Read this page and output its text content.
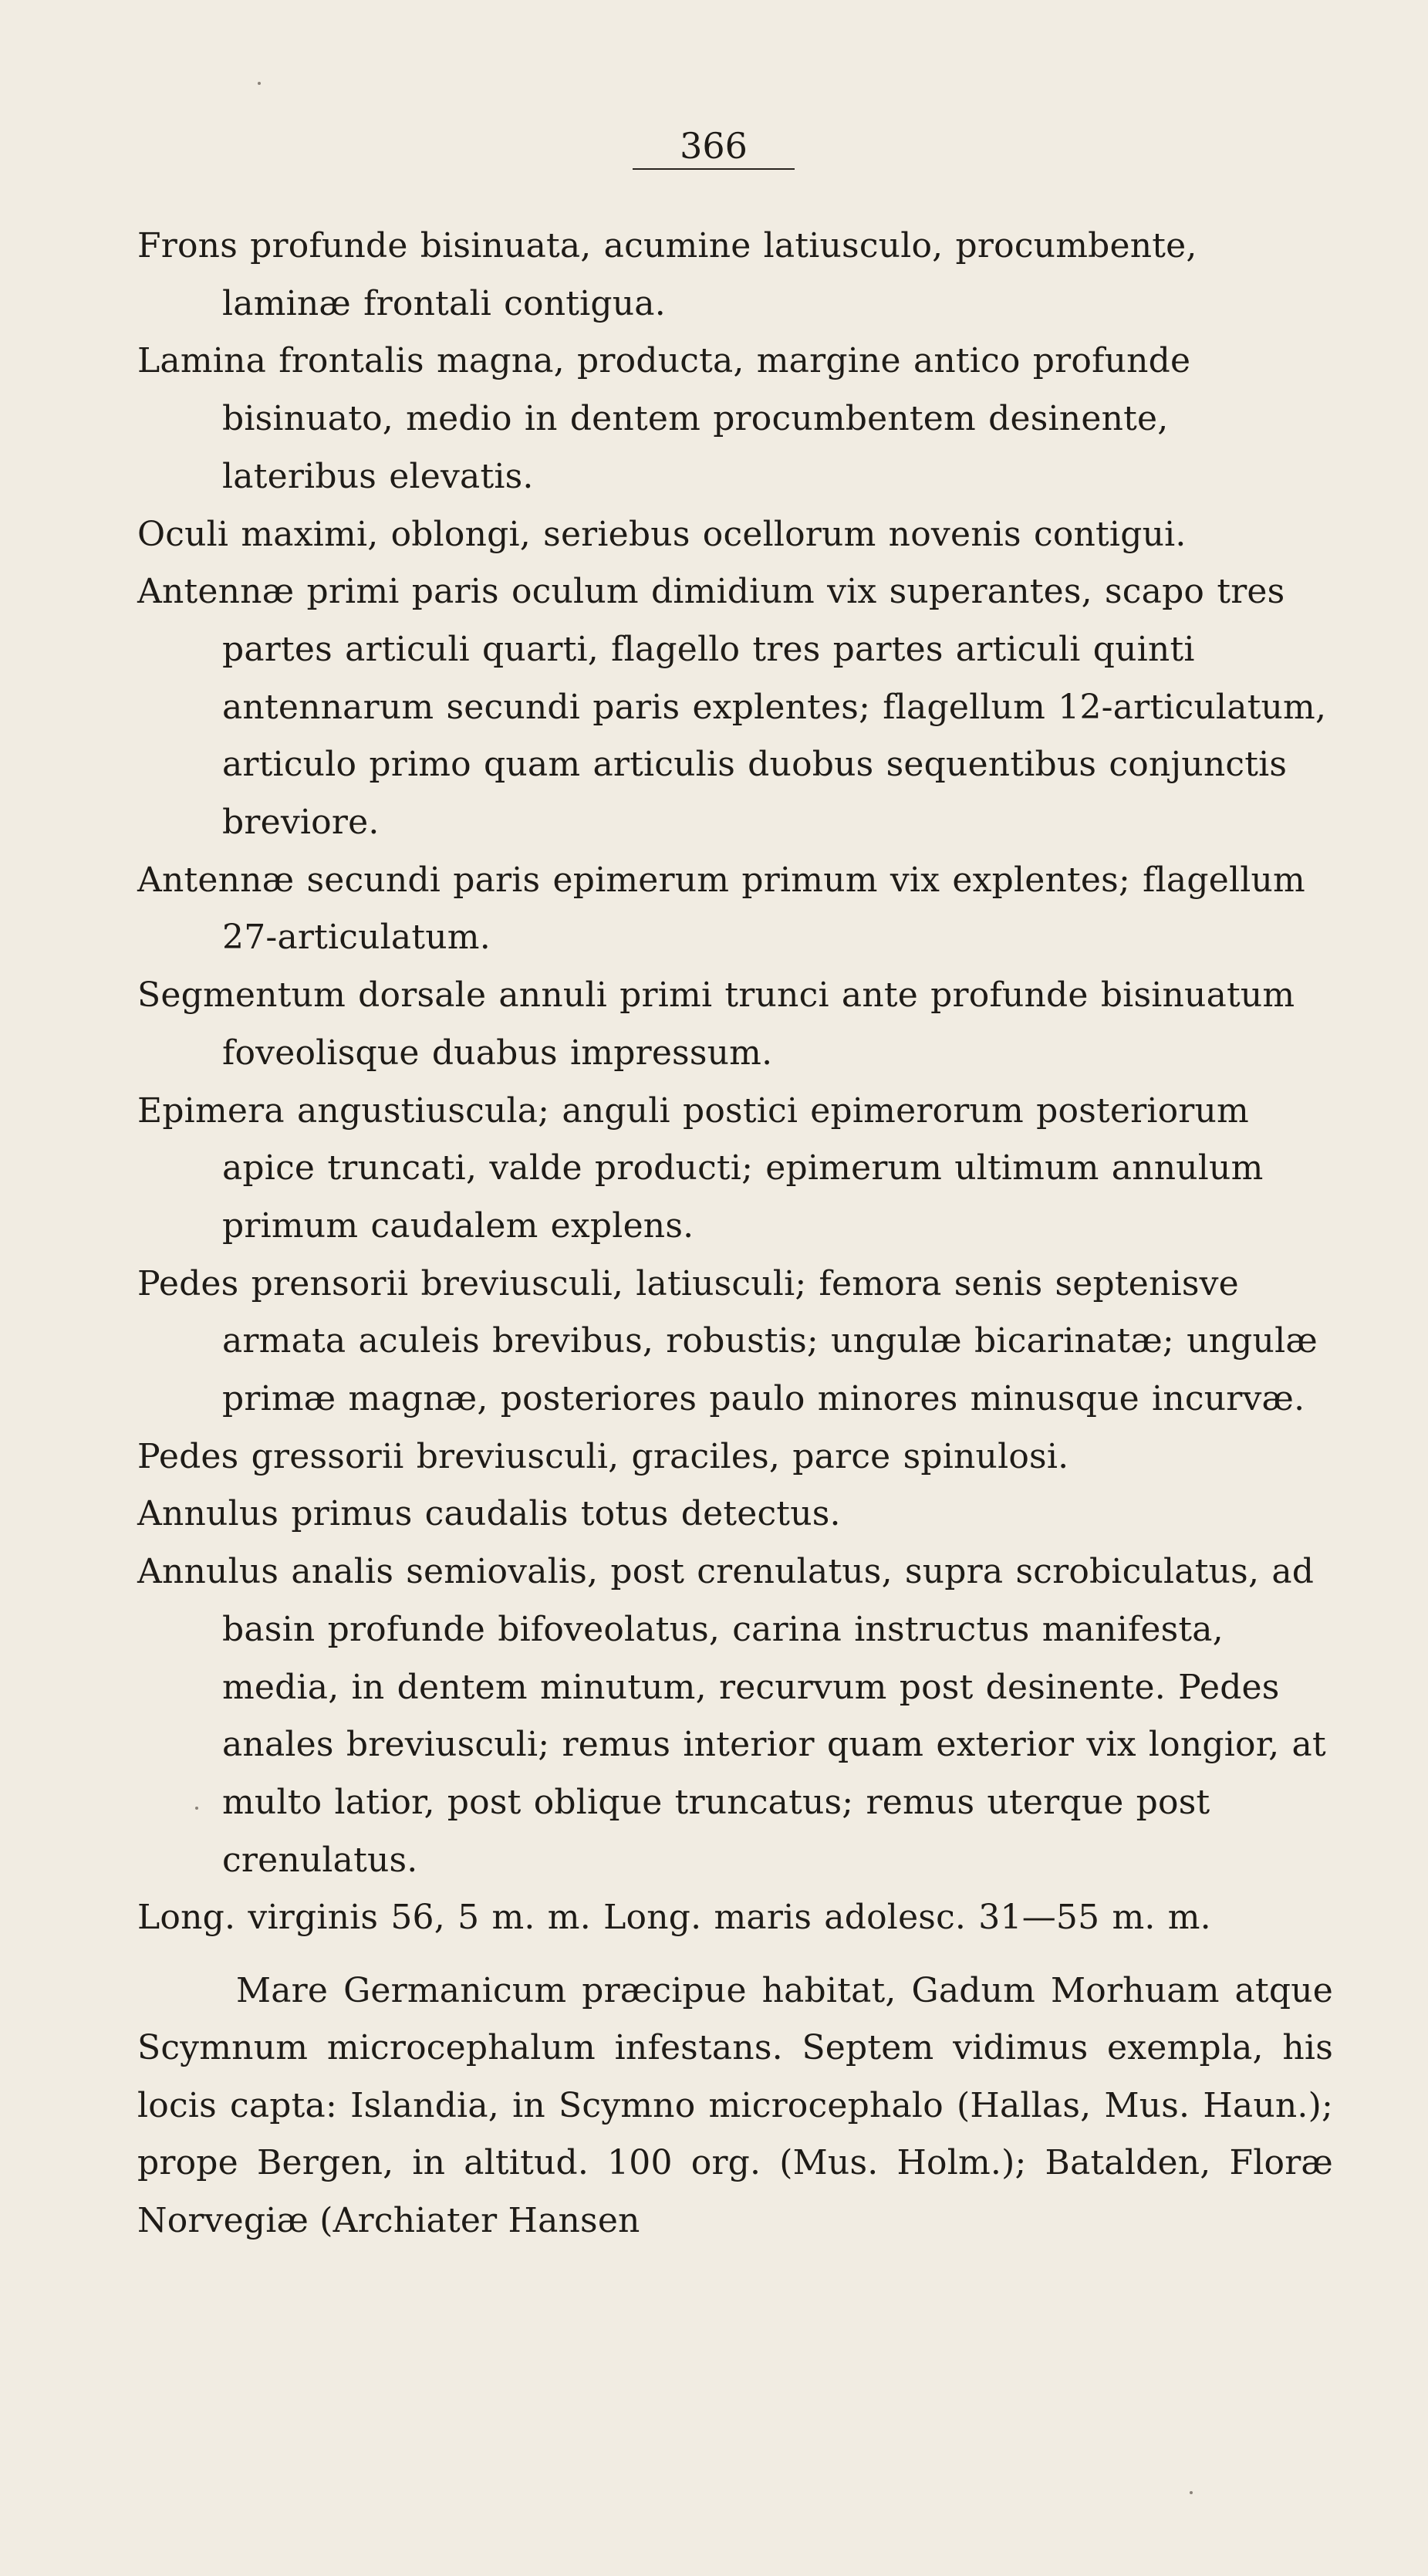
366

Frons profunde bisinuata, acumine latiusculo, procumbente, laminæ frontali contigua.

Lamina frontalis magna, producta, margine antico profunde bisinuato, medio in dentem procumbentem desinente, lateribus elevatis.

Oculi maximi, oblongi, seriebus ocellorum novenis contigui.

Antennæ primi paris oculum dimidium vix superantes, scapo tres partes articuli quarti, flagello tres partes articuli quinti antennarum secundi paris explentes; flagellum 12-articulatum, articulo primo quam articulis duobus sequentibus conjunctis breviore.

Antennæ secundi paris epimerum primum vix explentes; flagellum 27-articulatum.

Segmentum dorsale annuli primi trunci ante profunde bisinuatum foveolisque duabus impressum.

Epimera angustiuscula; anguli postici epimerorum posteriorum apice truncati, valde producti; epimerum ultimum annulum primum caudalem explens.

Pedes prensorii breviusculi, latiusculi; femora senis septenisve armata aculeis brevibus, robustis; ungulæ bicarinatæ; ungulæ primæ magnæ, posteriores paulo minores minusque incurvæ.

Pedes gressorii breviusculi, graciles, parce spinulosi.

Annulus primus caudalis totus detectus.

Annulus analis semiovalis, post crenulatus, supra scrobiculatus, ad basin profunde bifoveolatus, carina instructus manifesta, media, in dentem minutum, recurvum post desinente. Pedes anales breviusculi; remus interior quam exterior vix longior, at multo latior, post oblique truncatus; remus uterque post crenulatus.

Long. virginis 56, 5 m. m. Long. maris adolesc. 31—55 m. m.

Mare Germanicum præcipue habitat, Gadum Morhuam atque Scymnum microcephalum infestans. Septem vidimus exempla, his locis capta: Islandia, in Scymno microcephalo (Hallas, Mus. Haun.); prope Bergen, in altitud. 100 org. (Mus. Holm.); Batalden, Floræ Norvegiæ (Archiater Hansen
